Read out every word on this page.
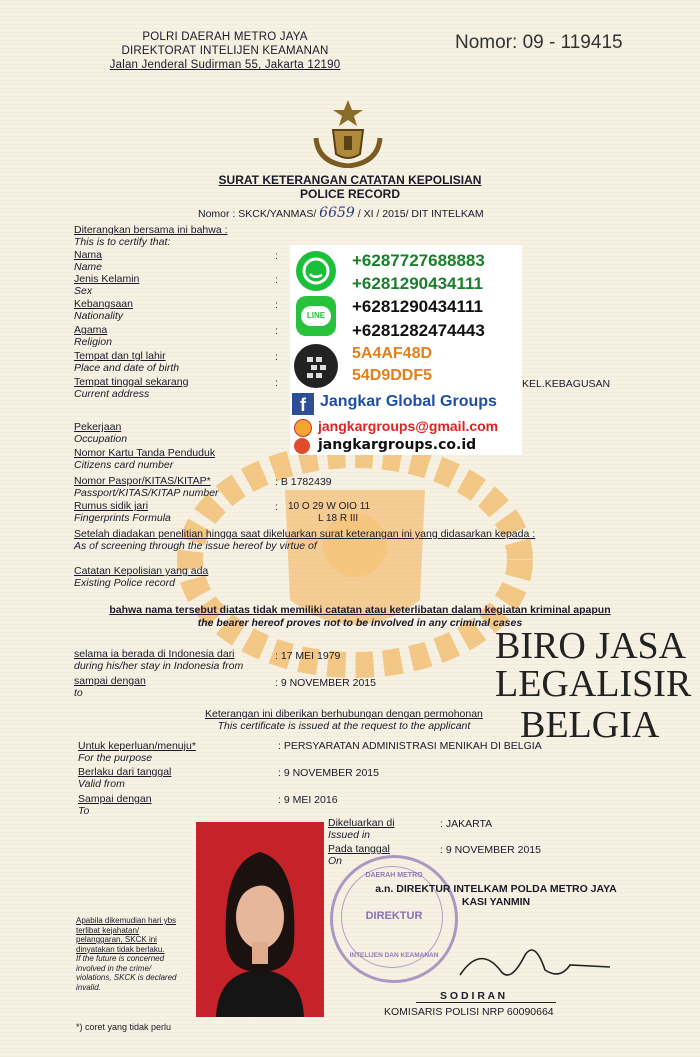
POLRI DAERAH METRO JAYA
DIREKTORAT INTELIJEN KEAMANAN
Jalan Jenderal Sudirman 55, Jakarta 12190
Nomor: 09 - 119415
SURAT KETERANGAN CATATAN KEPOLISIAN
POLICE RECORD
Nomor : SKCK/YANMAS/ 6659 / XI / 2015/ DIT INTELKAM
Diterangkan bersama ini bahwa :
This is to certify that:
Nama
Name
:
Jenis Kelamin
Sex
:
Kebangsaan
Nationality
:
Agama
Religion
:
Tempat dan tgl lahir
Place and date of birth
:
Tempat tinggal sekarang
Current address
:	KEL.KEBAGUSAN
Pekerjaan
Occupation
Nomor Kartu Tanda Penduduk
Citizens card number
Nomor Paspor/KITAS/KITAP*
Passport/KITAS/KITAP number
: B 1782439
Rumus sidik jari
Fingerprints Formula
: 10 O 29 W OIO 11
L 18 R III
Setelah diadakan penelitian hingga saat dikeluarkan surat keterangan ini yang didasarkan kepada :
As of screening through the issue hereof by virtue of
Catatan Kepolisian yang ada
Existing Police record
bahwa nama tersebut diatas tidak memiliki catatan atau keterlibatan dalam kegiatan kriminal apapun
the bearer hereof proves not to be involved in any criminal cases
selama ia berada di Indonesia dari
during his/her stay in Indonesia from
: 17 MEI 1979
sampai dengan
to
: 9 NOVEMBER 2015
BIRO JASA
LEGALISIR
BELGIA
Keterangan ini diberikan berhubungan dengan permohonan
This certificate is issued at the request to the applicant
Untuk keperluan/menuju*
For the purpose
: PERSYARATAN ADMINISTRASI MENIKAH DI BELGIA
Berlaku dari tanggal
Valid from
: 9 NOVEMBER 2015
Sampai dengan
To
: 9 MEI 2016
Dikeluarkan di
Issued in
: JAKARTA
Pada tanggal
On
: 9 NOVEMBER 2015
DAERAH METRO
DIREKTUR
INTELIJEN DAN KEAMANAN
a.n. DIREKTUR INTELKAM POLDA METRO JAYA
KASI YANMIN
S O D I R A N
KOMISARIS POLISI NRP 60090664
Apabila dikemudian hari ybs terlibat kejahatan/ pelanggaran, SKCK ini dinyatakan tidak berlaku.
If the future is concerned involved in the crime/ violations, SKCK is declared invalid.
*) coret yang tidak perlu
LINE
+6287727688883
+6281290434111
+6281290434111
+6281282474443
5A4AF48D
54D9DDF5
f Jangkar Global Groups
jangkargroups@gmail.com
jangkargroups.co.id
